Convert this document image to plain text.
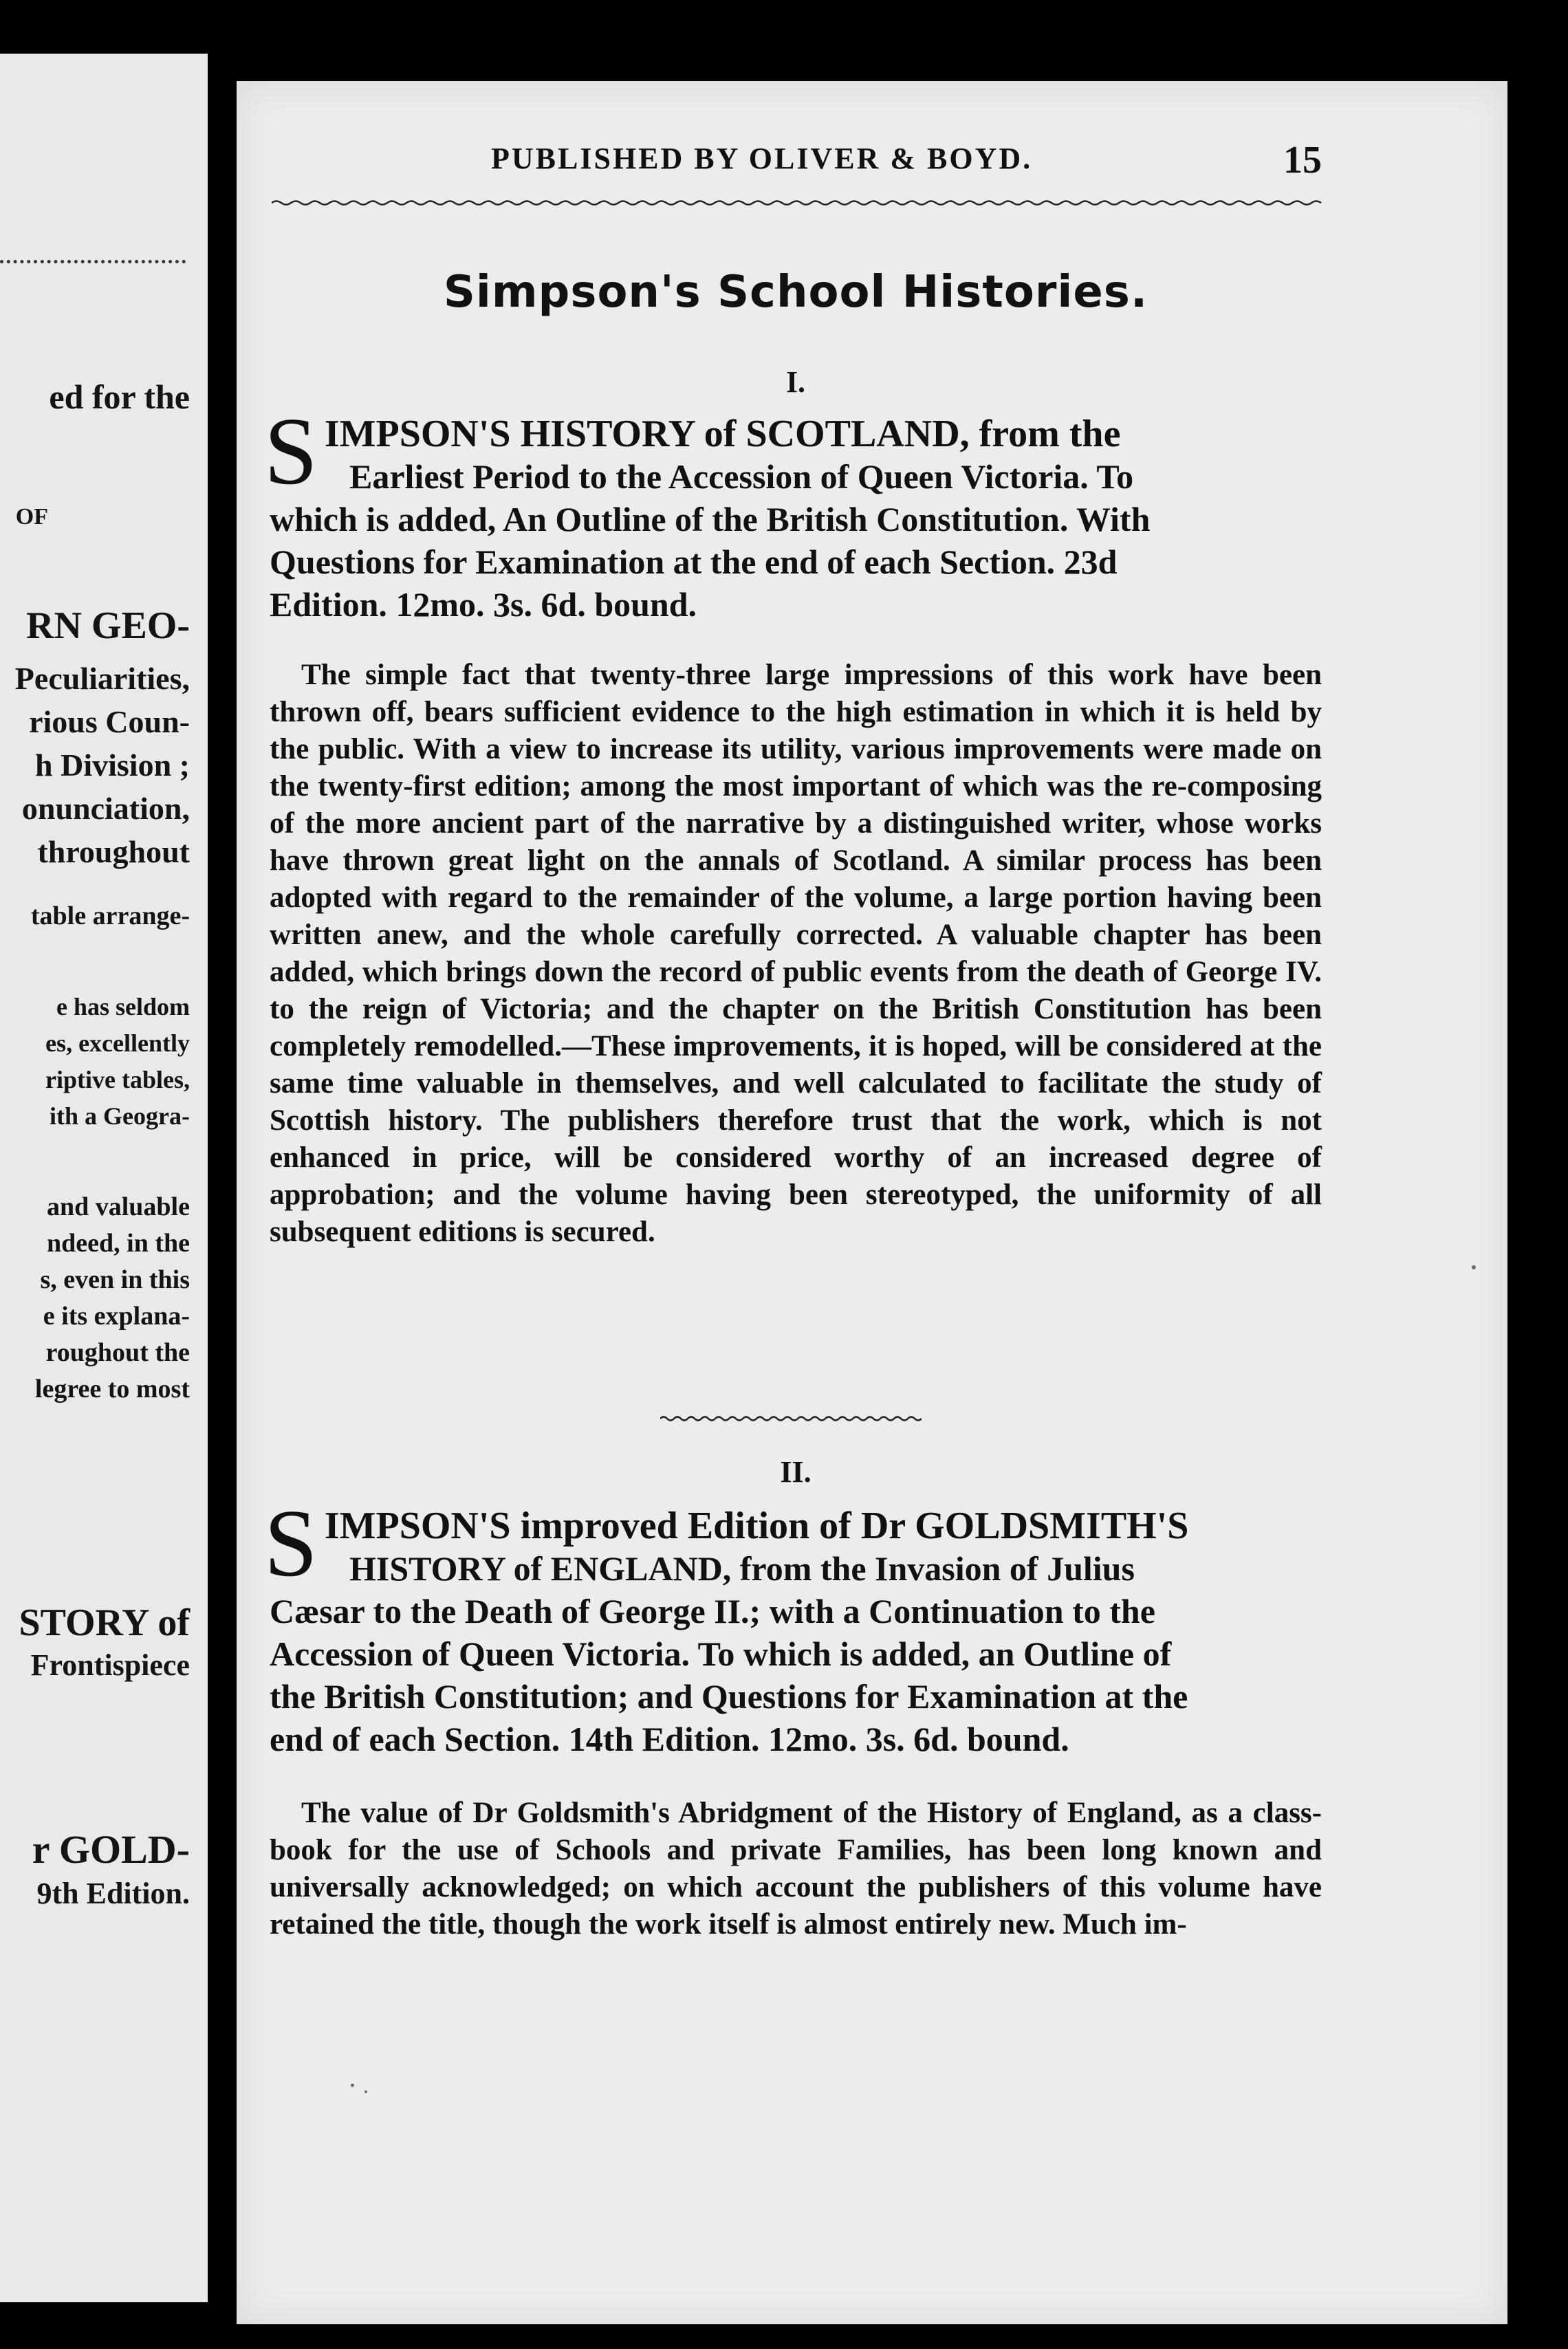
ed for the
OF
RN GEO-
Peculiarities,
rious Coun-
h Division ;
onunciation,
throughout
table arrange-
e has seldom
es, excellently
riptive tables,
ith a Geogra-
and valuable
ndeed, in the
s, even in this
e its explana-
roughout the
legree to most
STORY of
Frontispiece
r GOLD-
9th Edition.
PUBLISHED BY OLIVER & BOYD.	15
Simpson's School Histories.
I.
S IMPSON'S HISTORY of SCOTLAND, from the
Earliest Period to the Accession of Queen Victoria. To
which is added, An Outline of the British Constitution. With
Questions for Examination at the end of each Section. 23d
Edition. 12mo. 3s. 6d. bound.
The simple fact that twenty-three large impressions of this work have been thrown off, bears sufficient evidence to the high estimation in which it is held by the public. With a view to increase its utility, various improvements were made on the twenty-first edition; among the most important of which was the re-composing of the more ancient part of the narrative by a distinguished writer, whose works have thrown great light on the annals of Scotland. A similar process has been adopted with regard to the remainder of the volume, a large portion having been written anew, and the whole carefully corrected. A valuable chapter has been added, which brings down the record of public events from the death of George IV. to the reign of Victoria; and the chapter on the British Constitution has been completely remodelled.—These improvements, it is hoped, will be considered at the same time valuable in themselves, and well calculated to facilitate the study of Scottish history. The publishers therefore trust that the work, which is not enhanced in price, will be considered worthy of an increased degree of approbation; and the volume having been stereotyped, the uniformity of all subsequent editions is secured.
II.
S IMPSON'S improved Edition of Dr GOLDSMITH'S
HISTORY of ENGLAND, from the Invasion of Julius
Cæsar to the Death of George II.; with a Continuation to the
Accession of Queen Victoria. To which is added, an Outline of
the British Constitution; and Questions for Examination at the
end of each Section. 14th Edition. 12mo. 3s. 6d. bound.
The value of Dr Goldsmith's Abridgment of the History of England, as a class-book for the use of Schools and private Families, has been long known and universally acknowledged; on which account the publishers of this volume have retained the title, though the work itself is almost entirely new. Much im-
